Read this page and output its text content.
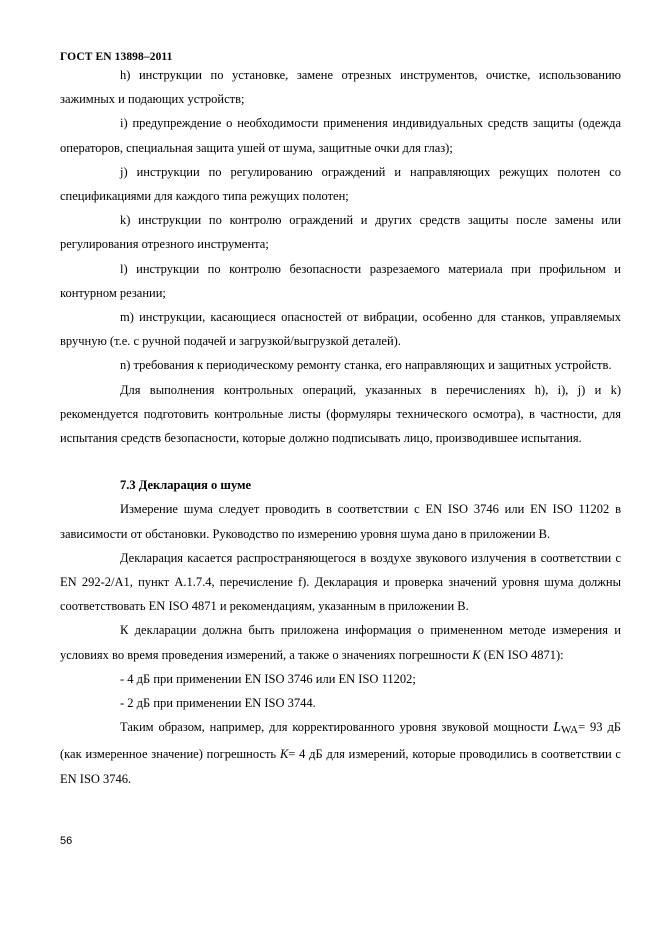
ГОСТ EN 13898–2011

h) инструкции по установке, замене отрезных инструментов, очистке, использованию зажимных и подающих устройств;

i) предупреждение о необходимости применения индивидуальных средств защиты (одежда операторов, специальная защита ушей от шума, защитные очки для глаз);

j) инструкции по регулированию ограждений и направляющих режущих полотен со спецификациями для каждого типа режущих полотен;

k) инструкции по контролю ограждений и других средств защиты после замены или регулирования отрезного инструмента;

l) инструкции по контролю безопасности разрезаемого материала при профильном и контурном резании;

m) инструкции, касающиеся опасностей от вибрации, особенно для станков, управляемых вручную (т.е. с ручной подачей и загрузкой/выгрузкой деталей).

n) требования к периодическому ремонту станка, его направляющих и защитных устройств.

Для выполнения контрольных операций, указанных в перечислениях h), i), j) и k) рекомендуется подготовить контрольные листы (формуляры технического осмотра), в частности, для испытания средств безопасности, которые должно подписывать лицо, производившее испытания.

7.3 Декларация о шуме

Измерение шума следует проводить в соответствии с EN ISO 3746 или EN ISO 11202 в зависимости от обстановки. Руководство по измерению уровня шума дано в приложении В.

Декларация касается распространяющегося в воздухе звукового излучения в соответствии с EN 292-2/А1, пункт А.1.7.4, перечисление f). Декларация и проверка значений уровня шума должны соответствовать EN ISO 4871 и рекомендациям, указанным в приложении В.

К декларации должна быть приложена информация о примененном методе измерения и условиях во время проведения измерений, а также о значениях погрешности K (EN ISO 4871):

- 4 дБ при применении EN ISO 3746 или EN ISO 11202;

- 2 дБ при применении EN ISO 3744.

Таким образом, например, для корректированного уровня звуковой мощности $L_{WA}= 93$ дБ (как измеренное значение) погрешность K= 4 дБ для измерений, которые проводились в соответствии с EN ISO 3746.

56
